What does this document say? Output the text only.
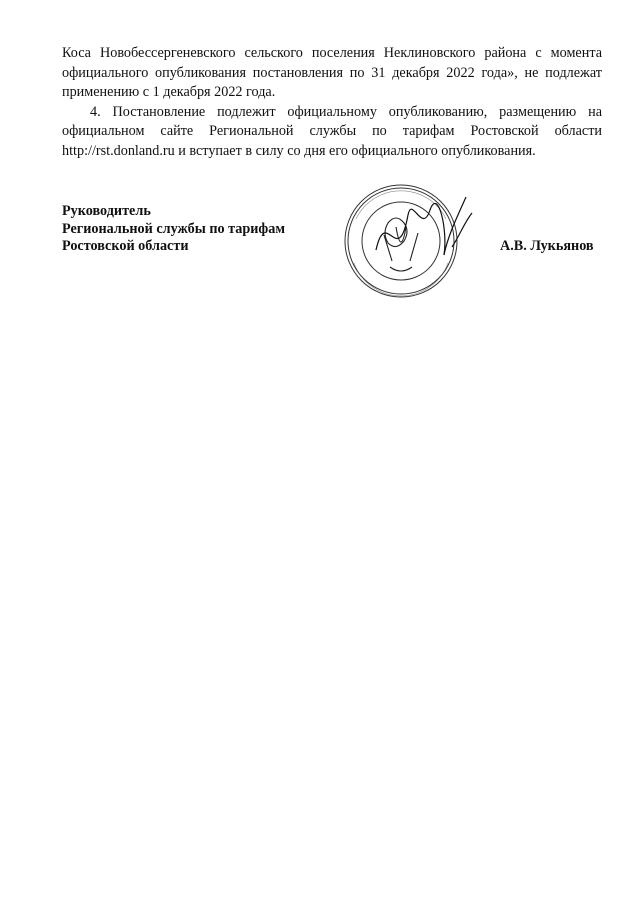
Коса Новобессергеневского сельского поселения Неклиновского района с момента официального опубликования постановления по 31 декабря 2022 года», не подлежат применению с 1 декабря 2022 года.

4. Постановление подлежит официальному опубликованию, размещению на официальном сайте Региональной службы по тарифам Ростовской области http://rst.donland.ru и вступает в силу со дня его официального опубликования.

Руководитель
Региональной службы по тарифам
Ростовской области	А.В. Лукьянов
